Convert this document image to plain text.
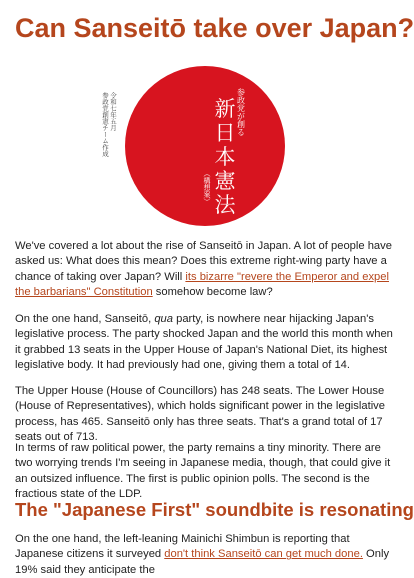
Can Sanseitō take over Japan?
令和七年五月
参政党創憲チーム作成	参政党が創る
新
日
本
憲
法
（構想案）

We've covered a lot about the rise of Sanseitō in Japan. A lot of people have asked us: What does this mean? Does this extreme right-wing party have a chance of taking over Japan? Will its bizarre "revere the Emperor and expel the barbarians" Constitution somehow become law?

On the one hand, Sanseitō, qua party, is nowhere near hijacking Japan's legislative process. The party shocked Japan and the world this month when it grabbed 13 seats in the Upper House of Japan's National Diet, its highest legislative body. It had previously had one, giving them a total of 14.

The Upper House (House of Councillors) has 248 seats. The Lower House (House of Representatives), which holds significant power in the legislative process, has 465. Sanseitō only has three seats. That's a grand total of 17 seats out of 713.

In terms of raw political power, the party remains a tiny minority. There are two worrying trends I'm seeing in Japanese media, though, that could give it an outsized influence. The first is public opinion polls. The second is the fractious state of the LDP.

The "Japanese First" soundbite is resonating

On the one hand, the left-leaning Mainichi Shimbun is reporting that Japanese citizens it surveyed don't think Sanseitō can get much done. Only 19% said they anticipate the
